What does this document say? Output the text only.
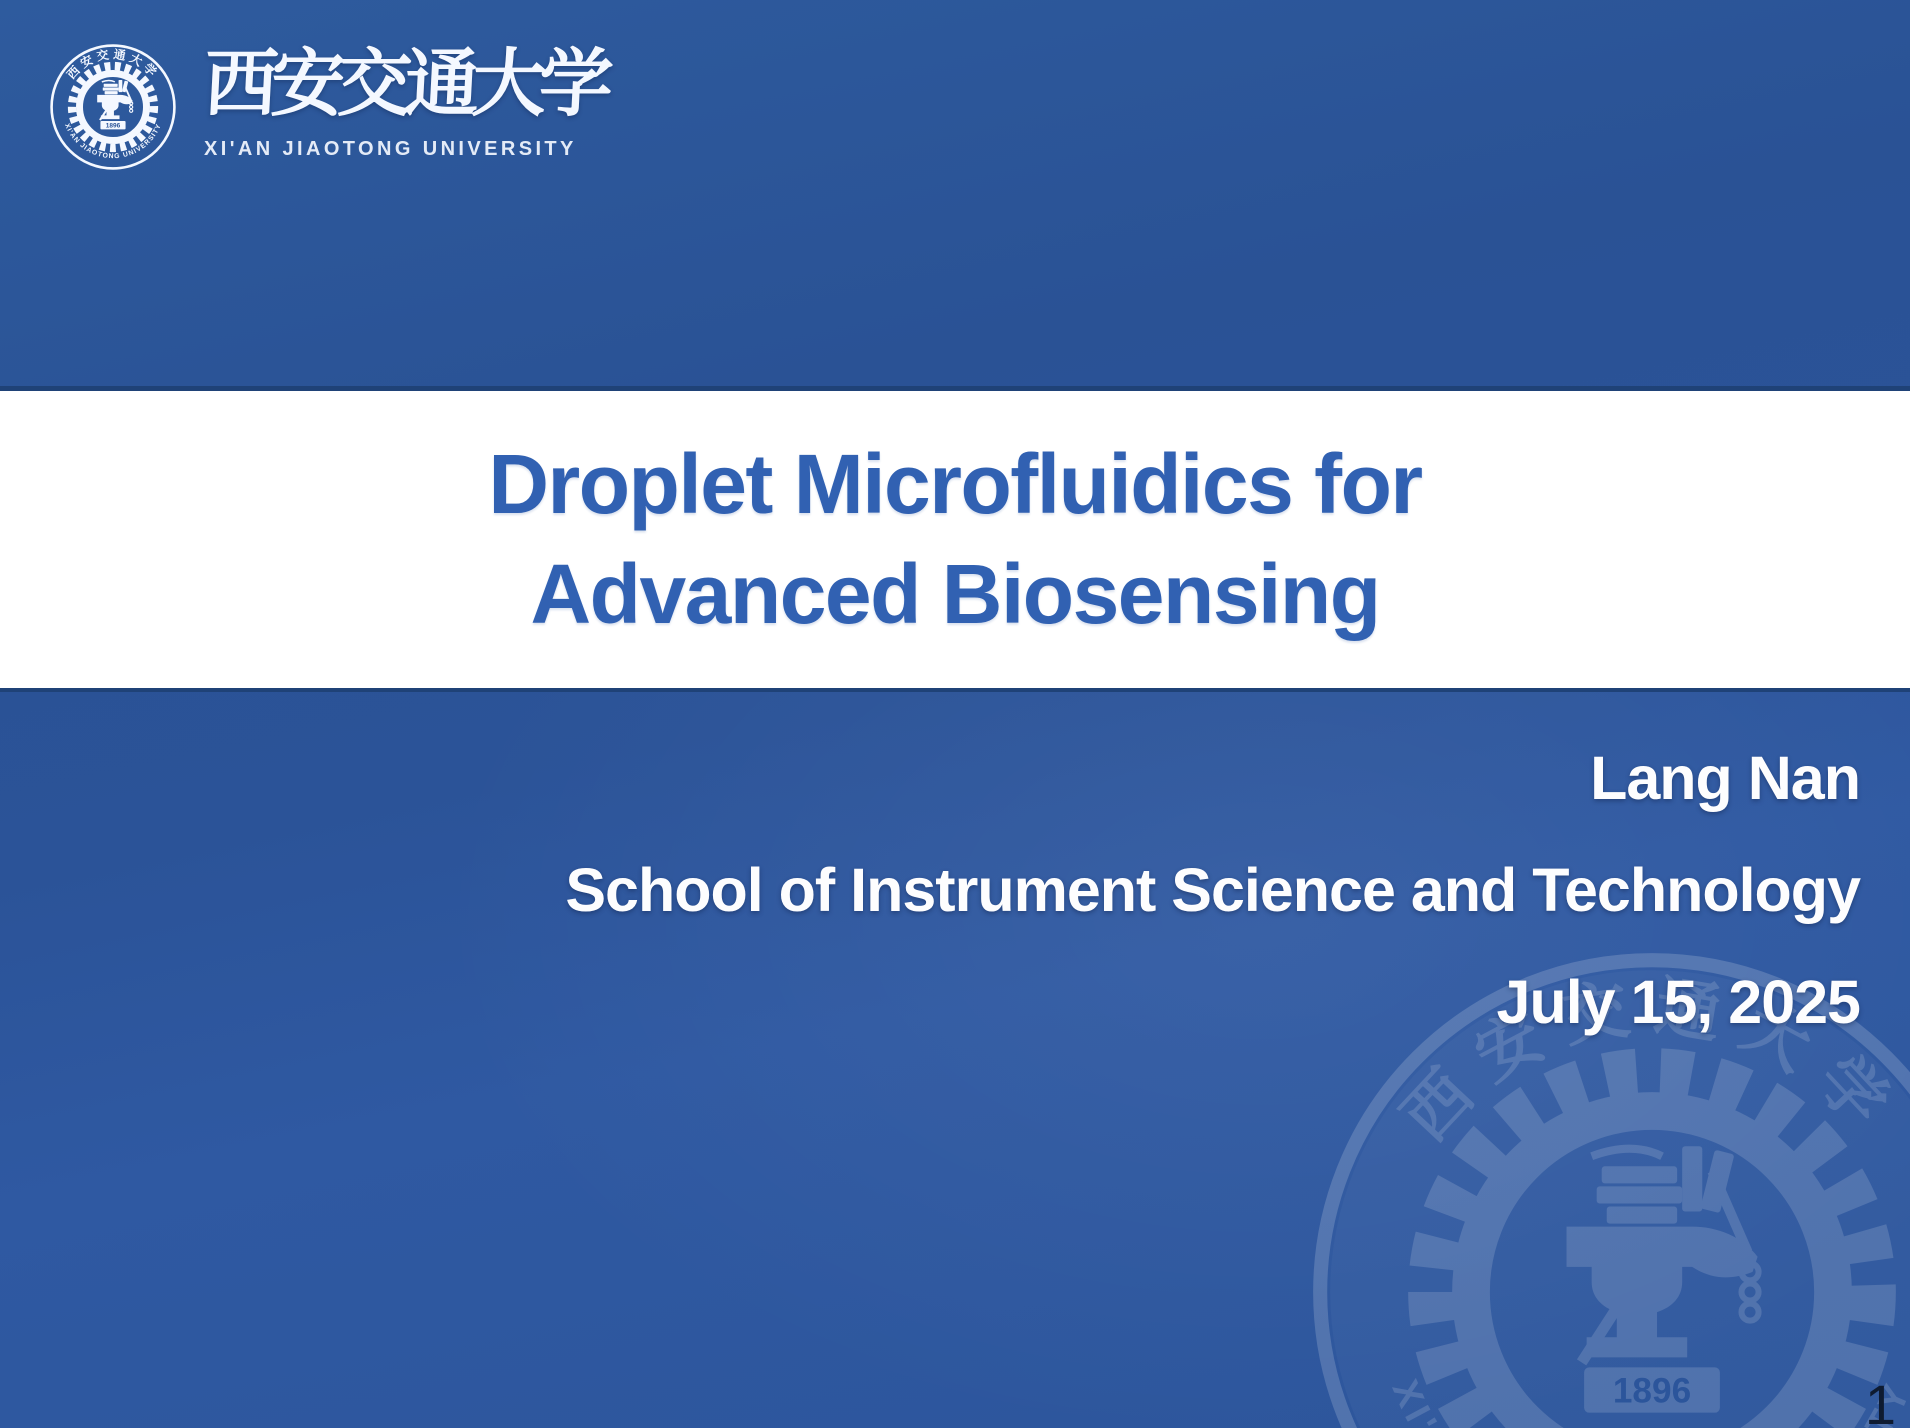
西安交通大学
XI'AN JIAOTONG UNIVERSITY
Droplet Microfluidics for
Advanced Biosensing
Lang Nan
School of Instrument Science and Technology
July 15, 2025
1
